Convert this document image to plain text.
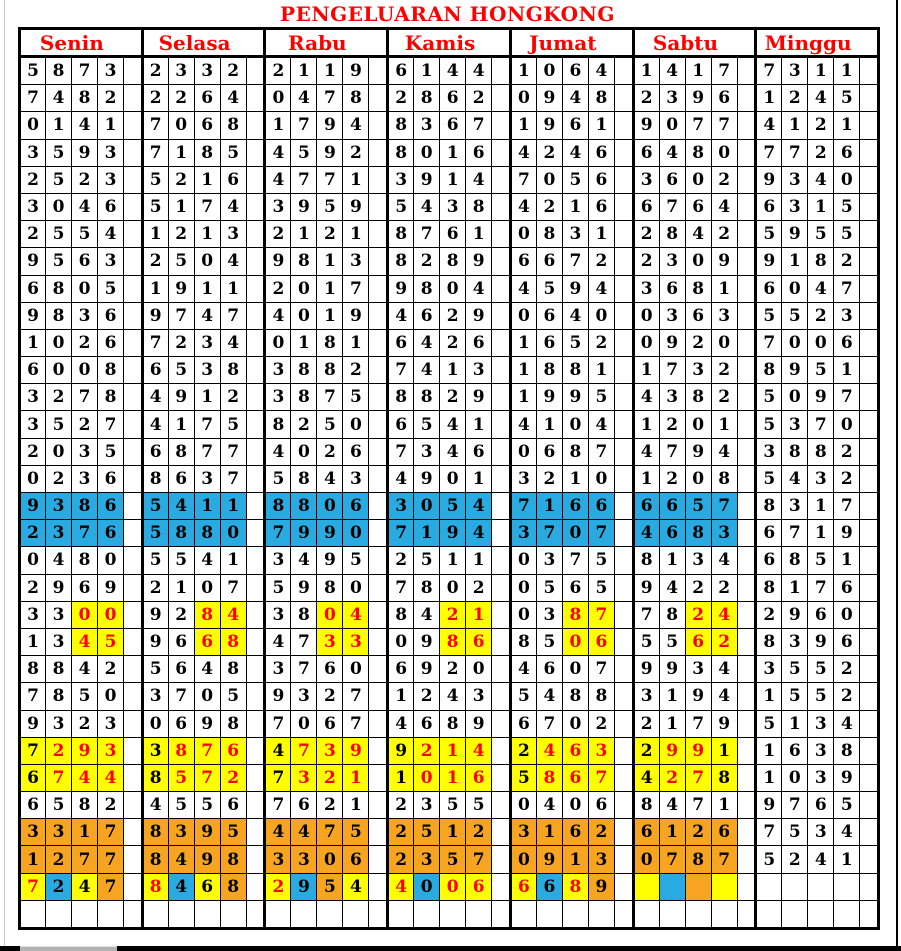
PENGELUARAN HONGKONG
Senin					Selasa					Rabu					Kamis					Jumat					Sabtu					Minggu				
5	8	7	3		2	3	3	2		2	1	1	9		6	1	4	4		1	0	6	4		1	4	1	7		7	3	1	1	
7	4	8	2		2	2	6	4		0	4	7	8		2	8	6	2		0	9	4	8		2	3	9	6		1	2	4	5	
0	1	4	1		7	0	6	8		1	7	9	4		8	3	6	7		1	9	6	1		9	0	7	7		4	1	2	1	
3	5	9	3		7	1	8	5		4	5	9	2		8	0	1	6		4	2	4	6		6	4	8	0		7	7	2	6	
2	5	2	3		5	2	1	6		4	7	7	1		3	9	1	4		7	0	5	6		3	6	0	2		9	3	4	0	
3	0	4	6		5	1	7	4		3	9	5	9		5	4	3	8		4	2	1	6		6	7	6	4		6	3	1	5	
2	5	5	4		1	2	1	3		2	1	2	1		8	7	6	1		0	8	3	1		2	8	4	2		5	9	5	5	
9	5	6	3		2	5	0	4		9	8	1	3		8	2	8	9		6	6	7	2		2	3	0	9		9	1	8	2	
6	8	0	5		1	9	1	1		2	0	1	7		9	8	0	4		4	5	9	4		3	6	8	1		6	0	4	7	
9	8	3	6		9	7	4	7		4	0	1	9		4	6	2	9		0	6	4	0		0	3	6	3		5	5	2	3	
1	0	2	6		7	2	3	4		0	1	8	1		6	4	2	6		1	6	5	2		0	9	2	0		7	0	0	6	
6	0	0	8		6	5	3	8		3	8	8	2		7	4	1	3		1	8	8	1		1	7	3	2		8	9	5	1	
3	2	7	8		4	9	1	2		3	8	7	5		8	8	2	9		1	9	9	5		4	3	8	2		5	0	9	7	
3	5	2	7		4	1	7	5		8	2	5	0		6	5	4	1		4	1	0	4		1	2	0	1		5	3	7	0	
2	0	3	5		6	8	7	7		4	0	2	6		7	3	4	6		0	6	8	7		4	7	9	4		3	8	8	2	
0	2	3	6		8	6	3	7		5	8	4	3		4	9	0	1		3	2	1	0		1	2	0	8		5	4	3	2	
9	3	8	6		5	4	1	1		8	8	0	6		3	0	5	4		7	1	6	6		6	6	5	7		8	3	1	7	
2	3	7	6		5	8	8	0		7	9	9	0		7	1	9	4		3	7	0	7		4	6	8	3		6	7	1	9	
0	4	8	0		5	5	4	1		3	4	9	5		2	5	1	1		0	3	7	5		8	1	3	4		6	8	5	1	
2	9	6	9		2	1	0	7		5	9	8	0		7	8	0	2		0	5	6	5		9	4	2	2		8	1	7	6	
3	3	0	0		9	2	8	4		3	8	0	4		8	4	2	1		0	3	8	7		7	8	2	4		2	9	6	0	
1	3	4	5		9	6	6	8		4	7	3	3		0	9	8	6		8	5	0	6		5	5	6	2		8	3	9	6	
8	8	4	2		5	6	4	8		3	7	6	0		6	9	2	0		4	6	0	7		9	9	3	4		3	5	5	2	
7	8	5	0		3	7	0	5		9	3	2	7		1	2	4	3		5	4	8	8		3	1	9	4		1	5	5	2	
9	3	2	3		0	6	9	8		7	0	6	7		4	6	8	9		6	7	0	2		2	1	7	9		5	1	3	4	
7	2	9	3		3	8	7	6		4	7	3	9		9	2	1	4		2	4	6	3		2	9	9	1		1	6	3	8	
6	7	4	4		8	5	7	2		7	3	2	1		1	0	1	6		5	8	6	7		4	2	7	8		1	0	3	9	
6	5	8	2		4	5	5	6		7	6	2	1		2	3	5	5		0	4	0	6		8	4	7	1		9	7	6	5	
3	3	1	7		8	3	9	5		4	4	7	5		2	5	1	2		3	1	6	2		6	1	2	6		7	5	3	4	
1	2	7	7		8	4	9	8		3	3	0	6		2	3	5	7		0	9	1	3		0	7	8	7		5	2	4	1	
7	2	4	7		8	4	6	8		2	9	5	4		4	0	0	6		6	6	8	9											
